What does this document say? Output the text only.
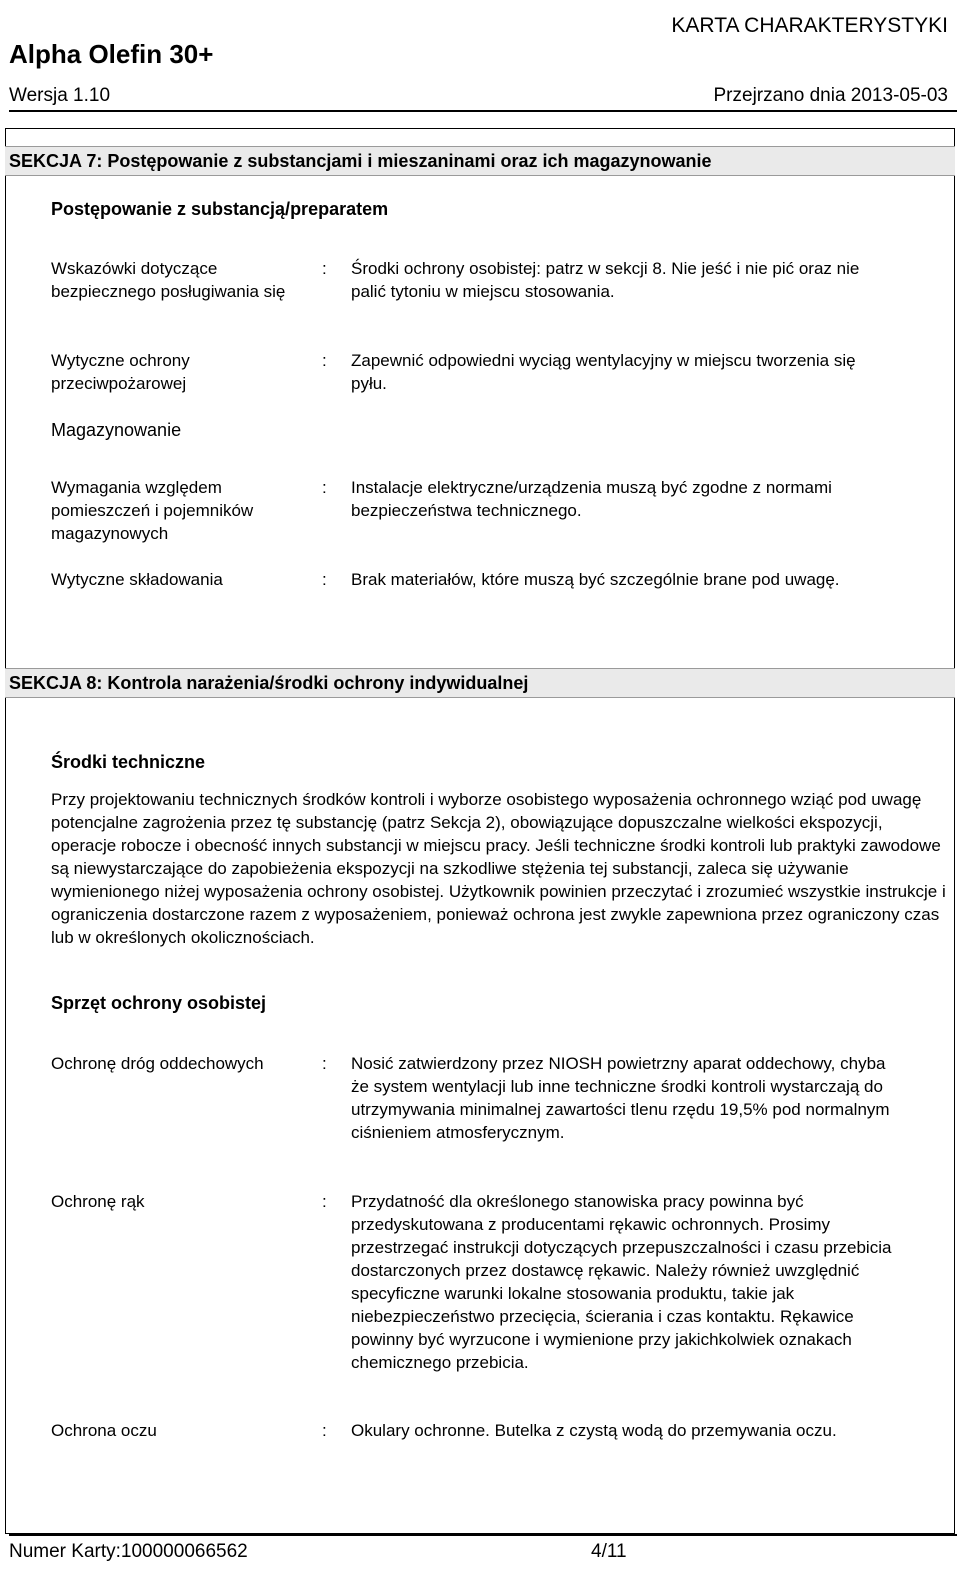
KARTA CHARAKTERYSTYKI
Alpha Olefin 30+
Wersja 1.10	Przejrzano dnia 2013-05-03
SEKCJA 7: Postępowanie z substancjami i mieszaninami oraz ich magazynowanie
Postępowanie z substancją/preparatem
Wskazówki dotyczące bezpiecznego posługiwania się
: Środki ochrony osobistej: patrz w sekcji 8. Nie jeść i nie pić oraz nie palić tytoniu w miejscu stosowania.
Wytyczne ochrony przeciwpożarowej
: Zapewnić odpowiedni wyciąg wentylacyjny w miejscu tworzenia się pyłu.
Magazynowanie
Wymagania względem pomieszczeń i pojemników magazynowych
: Instalacje elektryczne/urządzenia muszą być zgodne z normami bezpieczeństwa technicznego.
Wytyczne składowania	: Brak materiałów, które muszą być szczególnie brane pod uwagę.
SEKCJA 8: Kontrola narażenia/środki ochrony indywidualnej
Środki techniczne
Przy projektowaniu technicznych środków kontroli i wyborze osobistego wyposażenia ochronnego wziąć pod uwagę potencjalne zagrożenia przez tę substancję (patrz Sekcja 2), obowiązujące dopuszczalne wielkości ekspozycji, operacje robocze i obecność innych substancji w miejscu pracy. Jeśli techniczne środki kontroli lub praktyki zawodowe są niewystarczające do zapobieżenia ekspozycji na szkodliwe stężenia tej substancji, zaleca się używanie wymienionego niżej wyposażenia ochrony osobistej. Użytkownik powinien przeczytać i zrozumieć wszystkie instrukcje i ograniczenia dostarczone razem z wyposażeniem, ponieważ ochrona jest zwykle zapewniona przez ograniczony czas lub w określonych okolicznościach.
Sprzęt ochrony osobistej
Ochronę dróg oddechowych	: Nosić zatwierdzony przez NIOSH powietrzny aparat oddechowy, chyba że system wentylacji lub inne techniczne środki kontroli wystarczają do utrzymywania minimalnej zawartości tlenu rzędu 19,5% pod normalnym ciśnieniem atmosferycznym.
Ochronę rąk	: Przydatność dla określonego stanowiska pracy powinna być przedyskutowana z producentami rękawic ochronnych. Prosimy przestrzegać instrukcji dotyczących przepuszczalności i czasu przebicia dostarczonych przez dostawcę rękawic. Należy również uwzględnić specyficzne warunki lokalne stosowania produktu, takie jak niebezpieczeństwo przecięcia, ścierania i czas kontaktu. Rękawice powinny być wyrzucone i wymienione przy jakichkolwiek oznakach chemicznego przebicia.
Ochrona oczu	: Okulary ochronne. Butelka z czystą wodą do przemywania oczu.
Numer Karty:100000066562	4/11
